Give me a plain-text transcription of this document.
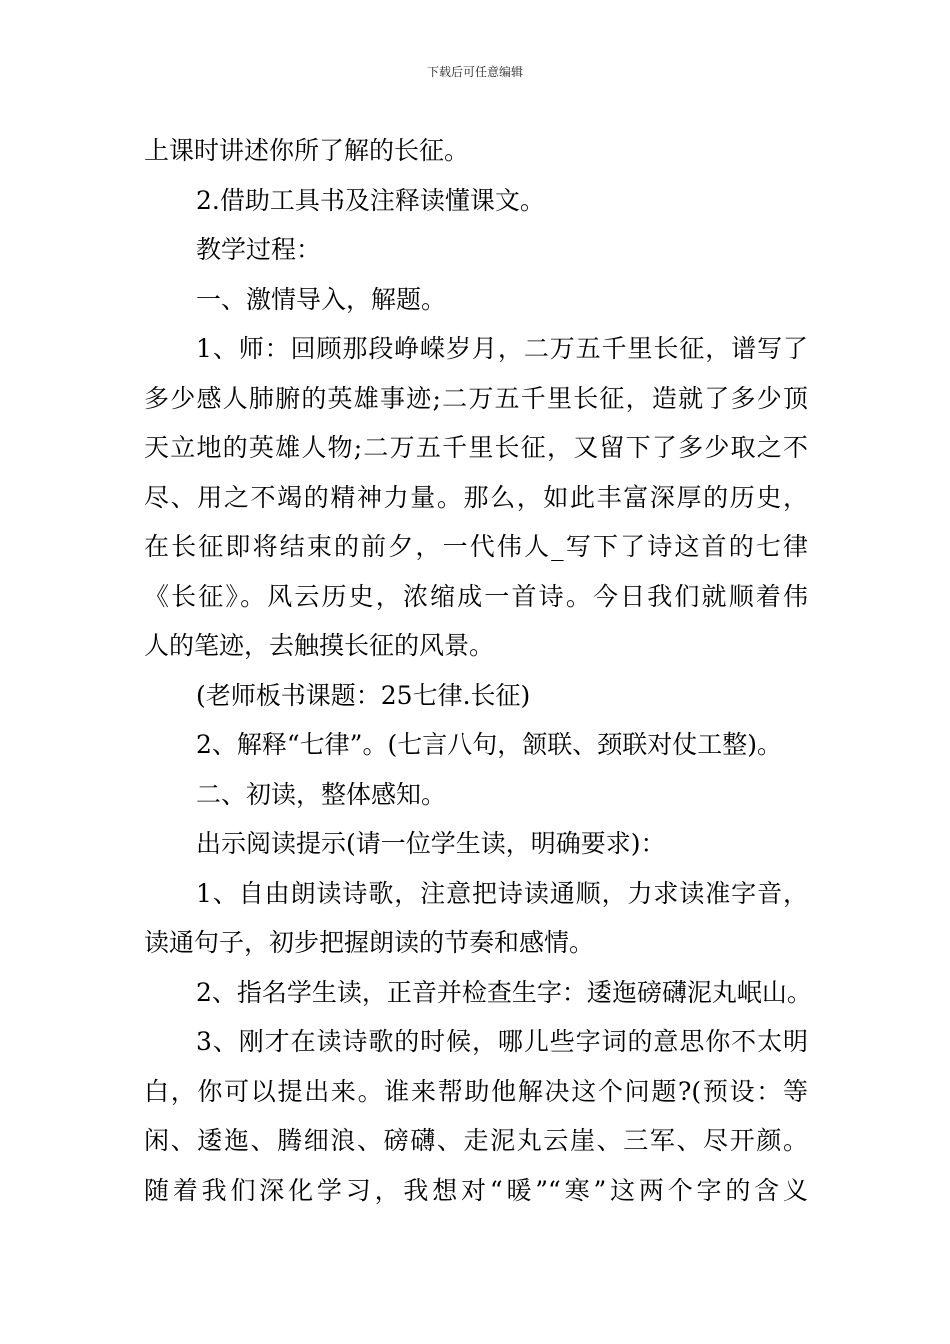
下载后可任意编辑
上课时讲述你所了解的长征。
2.借助工具书及注释读懂课文。
教学过程：
一、激情导入，解题。
1、师：回顾那段峥嵘岁月，二万五千里长征，谱写了
多少感人肺腑的英雄事迹;二万五千里长征，造就了多少顶
天立地的英雄人物;二万五千里长征，又留下了多少取之不
尽、用之不竭的精神力量。那么，如此丰富深厚的历史，
在长征即将结束的前夕，一代伟人_写下了诗这首的七律
《长征》。风云历史，浓缩成一首诗。今日我们就顺着伟
人的笔迹，去触摸长征的风景。
(老师板书课题：25七律.长征)
2、解释“七律”。(七言八句，颔联、颈联对仗工整)。
二、初读，整体感知。
出示阅读提示(请一位学生读，明确要求)：
1、自由朗读诗歌，注意把诗读通顺，力求读准字音，
读通句子，初步把握朗读的节奏和感情。
2、指名学生读，正音并检查生字：逶迤磅礴泥丸岷山。
3、刚才在读诗歌的时候，哪儿些字词的意思你不太明
白，你可以提出来。谁来帮助他解决这个问题?(预设：等
闲、逶迤、腾细浪、磅礴、走泥丸云崖、三军、尽开颜。
随着我们深化学习，我想对“暖”“寒”这两个字的含义
